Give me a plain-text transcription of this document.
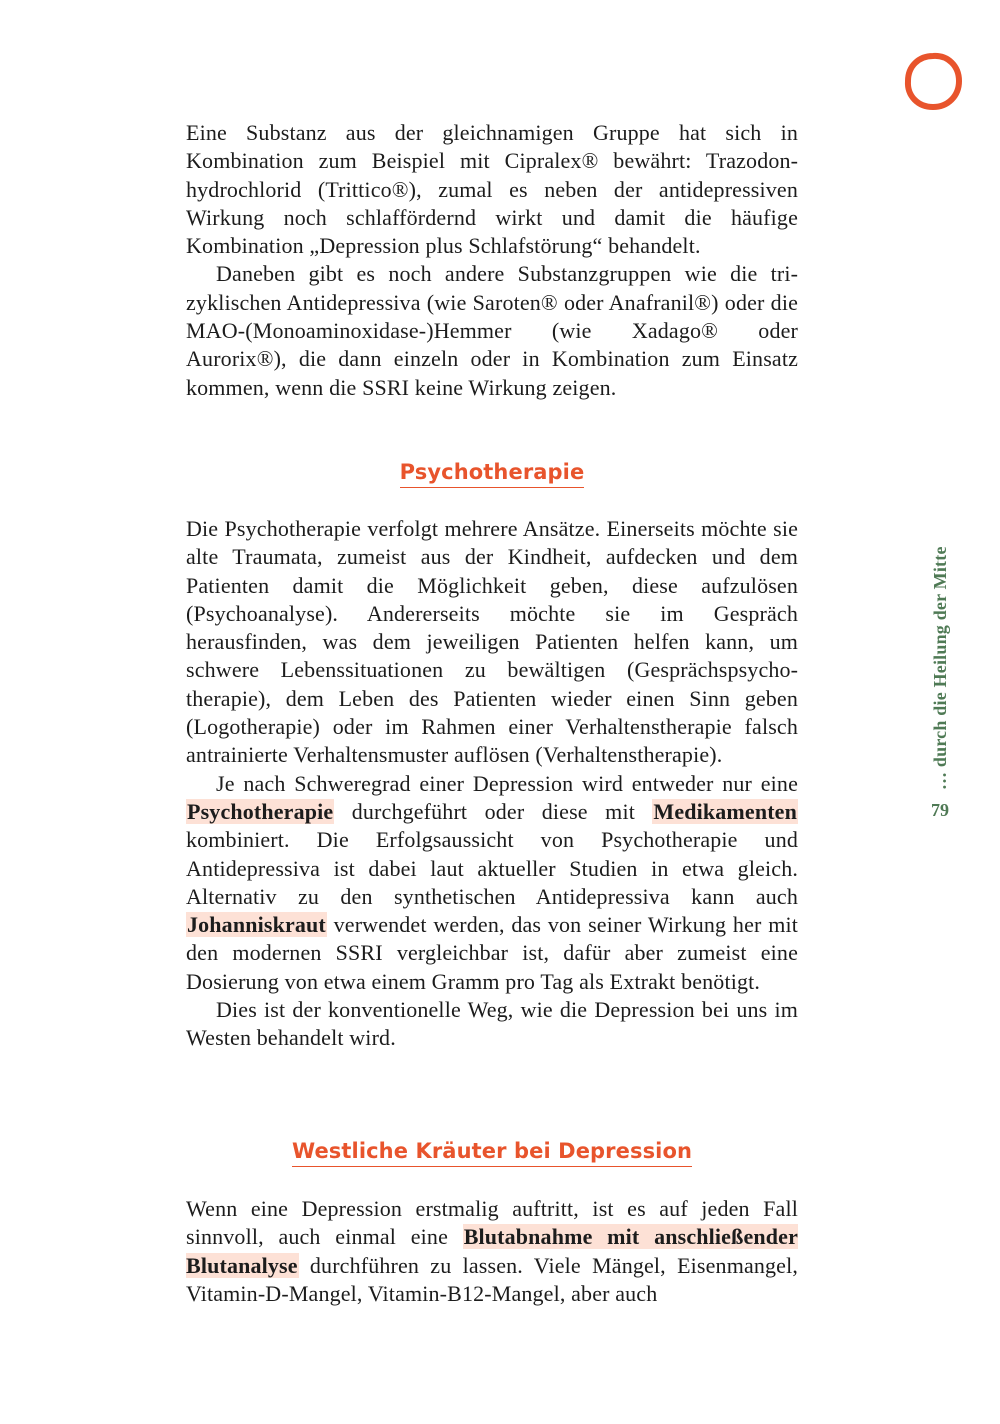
Eine Substanz aus der gleichnamigen Gruppe hat sich in Kombination zum Beispiel mit Cipralex® bewährt: Trazodonhydrochlorid (Trittico®), zumal es neben der antidepressiven Wirkung noch schlaffördernd wirkt und damit die häufige Kombination „Depression plus Schlafstörung“ behandelt.

Daneben gibt es noch andere Substanzgruppen wie die trizyklischen Antidepressiva (wie Saroten® oder Anafranil®) oder die MAO-(Monoaminoxidase-)Hemmer (wie Xadago® oder Aurorix®), die dann einzeln oder in Kombination zum Einsatz kommen, wenn die SSRI keine Wirkung zeigen.

Psychotherapie

Die Psychotherapie verfolgt mehrere Ansätze. Einerseits möchte sie alte Traumata, zumeist aus der Kindheit, aufdecken und dem Patienten damit die Möglichkeit geben, diese aufzulösen (Psychoanalyse). Andererseits möchte sie im Gespräch herausfinden, was dem jeweiligen Patienten helfen kann, um schwere Lebenssituationen zu bewältigen (Gesprächspsychotherapie), dem Leben des Patienten wieder einen Sinn geben (Logotherapie) oder im Rahmen einer Verhaltenstherapie falsch antrainierte Verhaltensmuster auflösen (Verhaltenstherapie).

Je nach Schweregrad einer Depression wird entweder nur eine Psychotherapie durchgeführt oder diese mit Medikamenten kombiniert. Die Erfolgsaussicht von Psychotherapie und Antidepressiva ist dabei laut aktueller Studien in etwa gleich. Alternativ zu den synthetischen Antidepressiva kann auch Johanniskraut verwendet werden, das von seiner Wirkung her mit den modernen SSRI vergleichbar ist, dafür aber zumeist eine Dosierung von etwa einem Gramm pro Tag als Extrakt benötigt.

Dies ist der konventionelle Weg, wie die Depression bei uns im Westen behandelt wird.

Westliche Kräuter bei Depression

Wenn eine Depression erstmalig auftritt, ist es auf jeden Fall sinnvoll, auch einmal eine Blutabnahme mit anschließender Blutanalyse durchführen zu lassen. Viele Mängel, Eisenmangel, Vitamin-D-Mangel, Vitamin-B12-Mangel, aber auch

… durch die Heilung der Mitte
79
